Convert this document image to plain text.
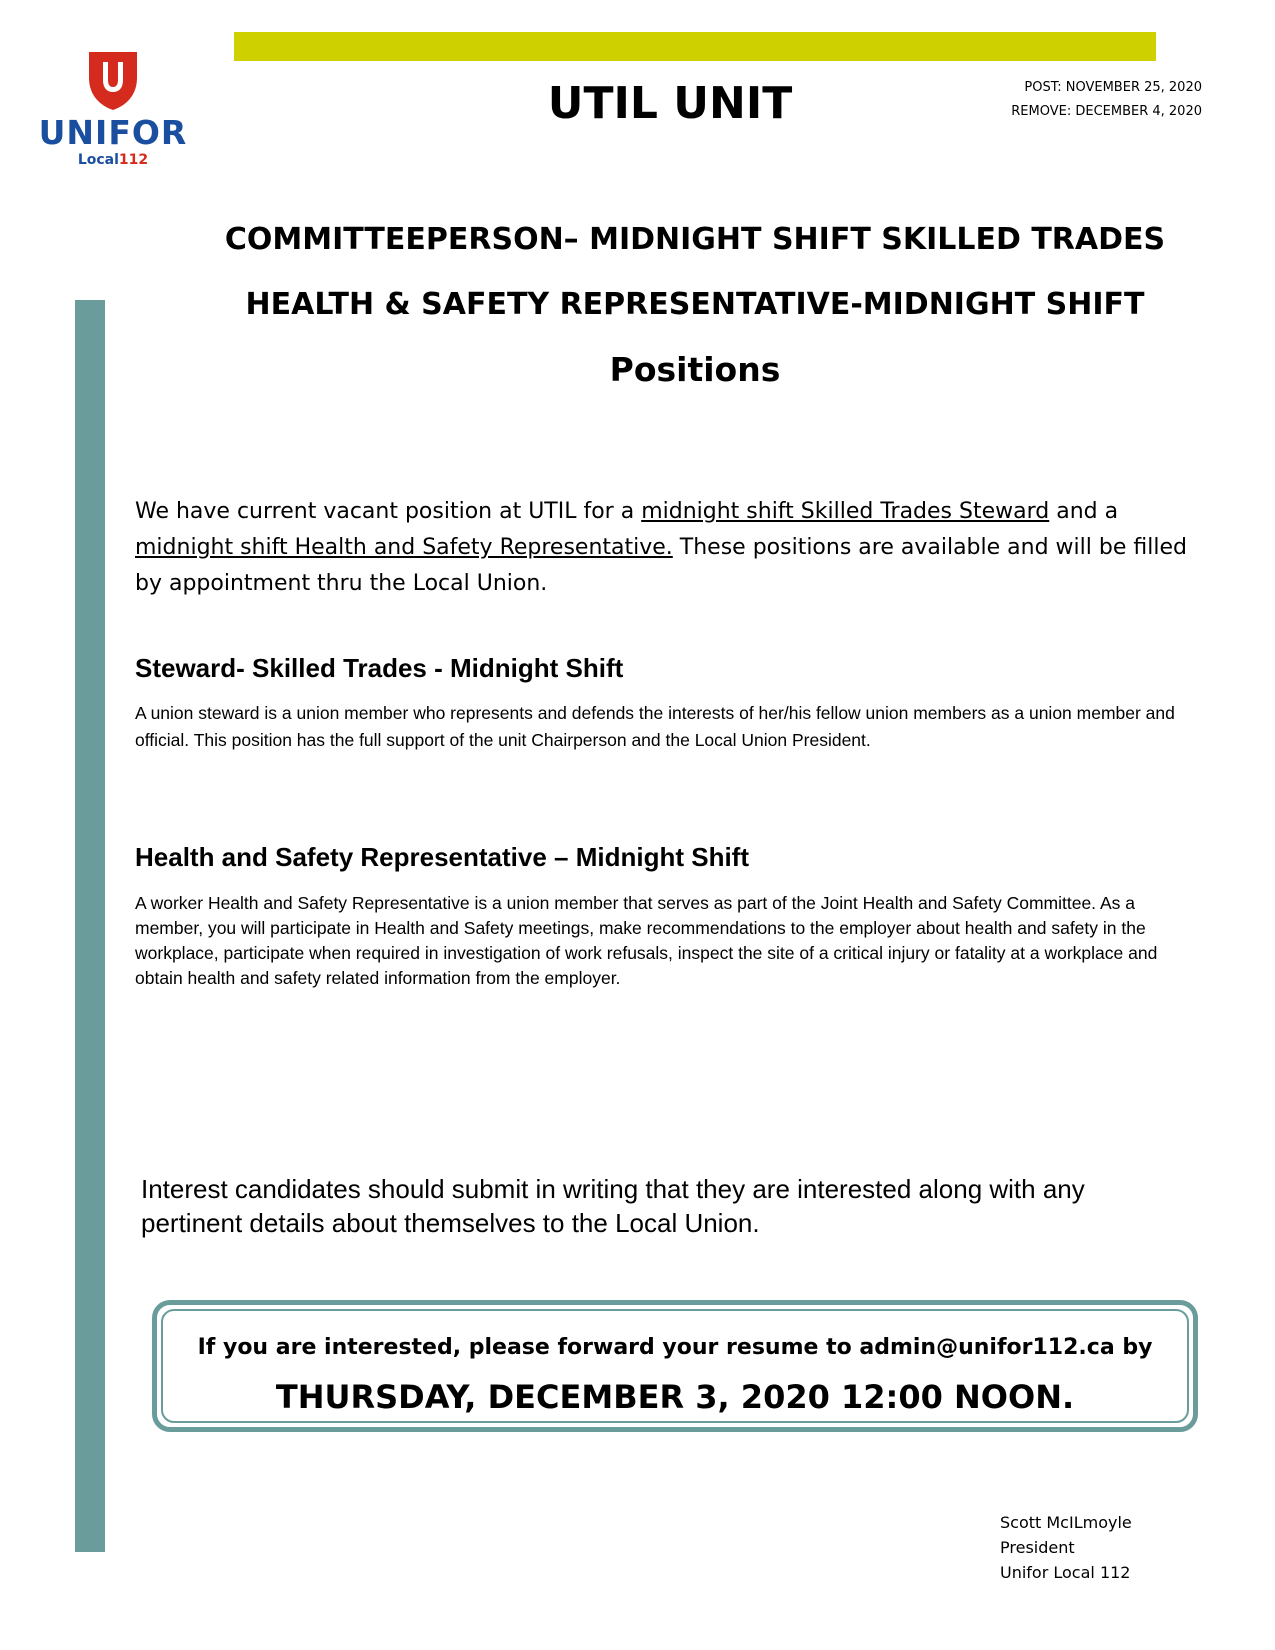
UNIFOR
Local112
UTIL UNIT	POST: NOVEMBER 25, 2020
REMOVE: DECEMBER 4, 2020
COMMITTEEPERSON– MIDNIGHT SHIFT SKILLED TRADES
HEALTH & SAFETY REPRESENTATIVE-MIDNIGHT SHIFT
Positions
We have current vacant position at UTIL for a midnight shift Skilled Trades Steward and a midnight shift Health and Safety Representative. These positions are available and will be filled by appointment thru the Local Union.
Steward- Skilled Trades - Midnight Shift
A union steward is a union member who represents and defends the interests of her/his fellow union members as a union member and official. This position has the full support of the unit Chairperson and the Local Union President.
Health and Safety Representative – Midnight Shift
A worker Health and Safety Representative is a union member that serves as part of the Joint Health and Safety Committee. As a member, you will participate in Health and Safety meetings, make recommendations to the employer about health and safety in the workplace, participate when required in investigation of work refusals, inspect the site of a critical injury or fatality at a workplace and obtain health and safety related information from the employer.
Interest candidates should submit in writing that they are interested along with any pertinent details about themselves to the Local Union.
If you are interested, please forward your resume to admin@unifor112.ca by
THURSDAY, DECEMBER 3, 2020 12:00 NOON.
Scott McILmoyle
President
Unifor Local 112
